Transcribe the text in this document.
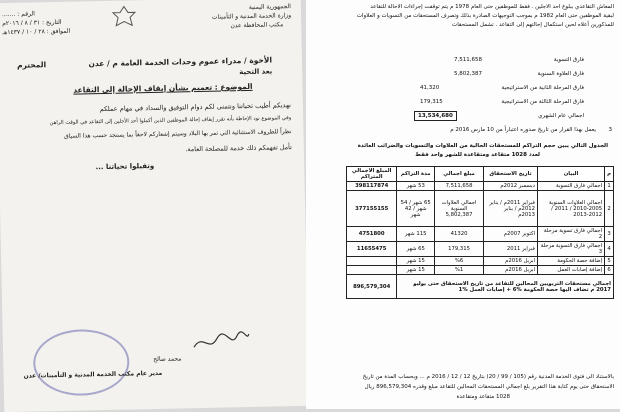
الجمهورية اليمنية
وزارة الخدمة المدنية و التأمينات
مكتب المحافظة عدن
الرقم : .......
التاريخ : ٣١ / ٨ / ٢٠١٦م
الموافق : ٢٨ / ١٠ / ١٤٣٧هـ
الأخوة / مدراء عموم وحدات الخدمة العامة م / عدن
المحترم
بعد التحية
الموضوع : تعميم بشأن إيقاف الإحالة إلى التقاعد
نهديكم أطيب تحياتنا ونتمنى لكم دوام التوفيق والسداد في مهام عملكم
وفي الموضوع نود الإحاطة بأنه تقرر إيقاف إحالة الموظفين الذين أكملوا أحد الأجلين إلى التقاعد في الوقت الراهن
نظراً للظروف الاستثنائية التي تمر بها البلاد وسيتم إشعاركم لاحقاً بما يستجد حسب هذا السياق
تأمل تفهمكم ذلك خدمة للمصلحة العامة.
وتقبلوا تحياتنا ...
محمد صالح
مدير عام مكتب الخدمة المدنية و التأمينات/ عدن
المعاش التقاعدي ببلوغ احد الاجلين . فقط للموظفين حتى العام 1978 م يتم توقفت إجراءات الاحالة للتقاعد
لبقية الموظفين حتى العام 1982 م بموجب التوجيهات الصادرة بذلك وتصرف المستحقات من التسويات و العلاوات
للمذكورين أعلاه لحين استكمال إحالتهم إلى التقاعد . تشمل المستحقات
فارق التسوية
7,511,658
فارق العلاوة السنوية
5,802,387
فارق المرحلة الثانية من الاستراتيجية
41,320
فارق المرحلة الثالثة من الاستراتيجية
179,315
اجمالي عام الشهري
13,534,680
3
يعمل بهذا القرار من تاريخ صدوره اعتباراً من 10 مارس 2016 م
الجدول التالي يبين حجم التراكم للمستحقات الحالية من العلاوات والتسويات والضرائب العائدة
لعدد 1028 متقاعد ومتقاعدة للشهر واحد فقط
م	البيان	تاريخ الاستحقاق	مبلغ اجمالي	مدة التراكم	المبلغ الاجمالي المتراكم
1	اجمالي فارق التسوية	ديسمبر 2012م	7,511,658	53 شهر	398117874
2	اجمالي العلاوات السنوية 2005-2010 / 2011 / 2012-2013	فبراير 2011م / يناير 2012م / يناير 2013م	اجمالي العلاوات السنوية 5,802,387	65 شهر / 54 شهر / 42 شهر	377155155
3	اجمالي فارق تسوية مرحلة 2	اكتوبر 2007م	41320	115 شهر	4751800
4	اجمالي فارق التسوية مرحلة 3	فبراير 2011	179,315	65 شهر	11655475
5	إضافة حصة الحكومة	ابريل 2016م	%6	15 شهر	
6	إضافة إصابات العمل	ابريل 2016م	%1	15 شهر	
اجمالي مستحقات التربويين المحالين للتقاعد من تاريخ الاستحقاق حتى يوليو 2017 م تضاف اليها حصة الحكومة %6 + إصابات العمل %1					896,579,304
بالاستناد الى فتوى الخدمة المدنية رقم (105 / 99 / 20) بتاريخ 12 / 12 / 2016 م ... وبحساب المدة من تاريخ
الاستحقاق حتى يوم كتابة هذا التقرير بلغ اجمالي المستحقات المحالين للتقاعد مبلغ وقدره 896,579,304 ريال
1028 متقاعد ومتقاعدة
